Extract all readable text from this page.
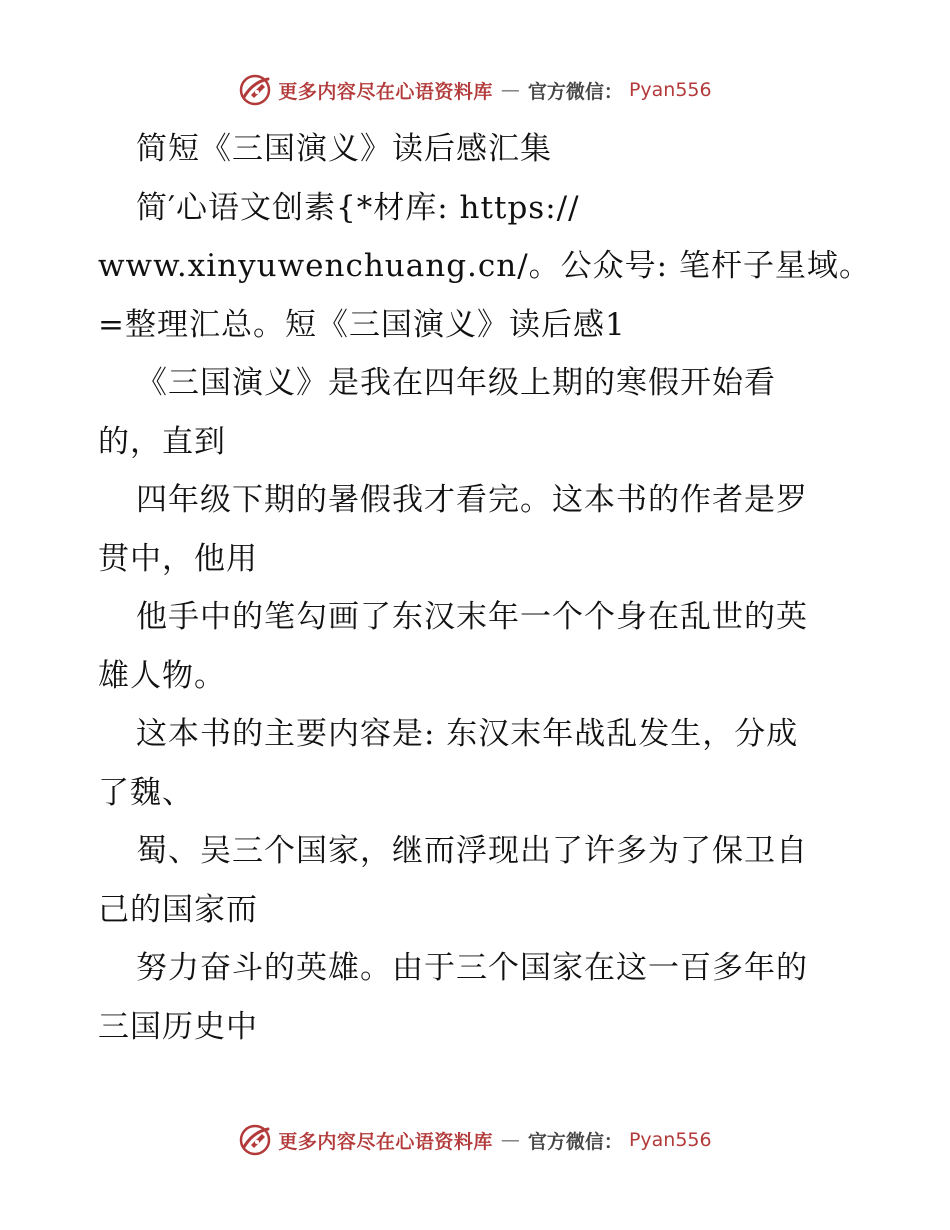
更多内容尽在心语资料库 — 官方微信： Pyan556
简短《三国演义》读后感汇集
简′心语文创素{*材库: https://
www.xinyuwenchuang.cn/。公众号: 笔杆子星域。
=整理汇总。短《三国演义》读后感1
《三国演义》是我在四年级上期的寒假开始看
的，直到
四年级下期的暑假我才看完。这本书的作者是罗
贯中，他用
他手中的笔勾画了东汉末年一个个身在乱世的英
雄人物。
这本书的主要内容是: 东汉末年战乱发生，分成
了魏、
蜀、吴三个国家，继而浮现出了许多为了保卫自
己的国家而
努力奋斗的英雄。由于三个国家在这一百多年的
三国历史中
更多内容尽在心语资料库 — 官方微信： Pyan556
